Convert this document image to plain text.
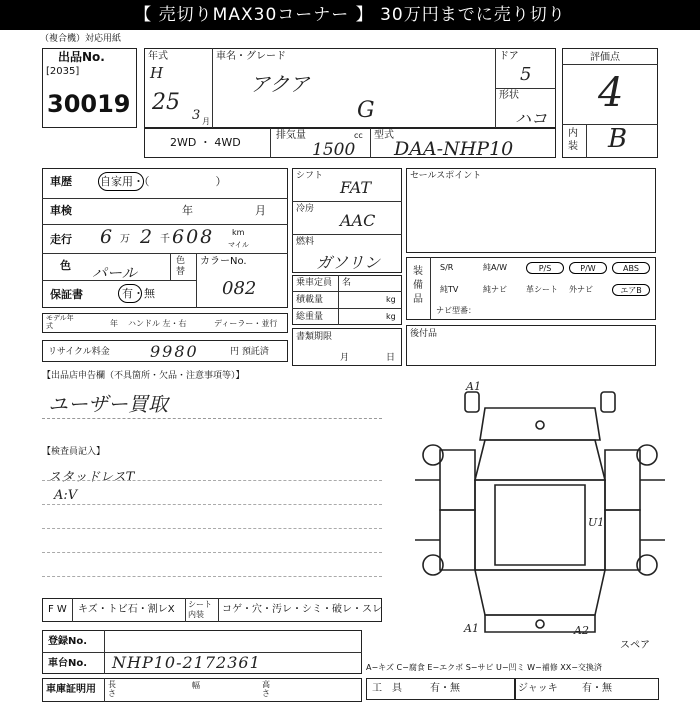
【 売切りMAX30コーナー 】 30万円までに売り切り
（複合機）対応用紙
出品No.
[2035]
30019
年式
H
25
3 月
車名・グレード
アクア
G
ドア
5
形状
ハコ
評価点
4
内装 B
2WD ・ 4WD
排気量	cc
1500
型式
DAA-NHP10
車歴	自家用・（　　　　　　）
車検	年	月
走行 6 万 2 千 608 km
マイル
色 パール
色替
カラーNo.
082
保証書	有・無
モデル年式	年 ハンドル 左・右	ディーラー・並行
リサイクル料金	9980	円 預託済
シフト
FAT
冷房
AAC
燃料
ガソリン
乗車定員 名
積載量	kg
総重量	kg
書類期限
月	日
セールスポイント
装備品
ナビ型番：
後付品
【出品店申告欄（不具箇所・欠品・注意事項等）】
ユーザー買取
【検査員記入】
スタッドレスT
A:V
A1
U1
A1	A2
スペア
F W キズ・トビ石・割レX シート内装	コゲ・穴・汚レ・シミ・破レ・スレ
登録No.
車台No. NHP10-2172361
車庫証明用 長さ
幅	高さ
A−キズ C−腐食 E−エクボ S−サビ U−凹ミ W−補修 XX−交換済
工　具	有・無	ジャッキ 有・無
S/R	純A/W	P/S	P/W	ABS
純TV	純ナビ 革シート 外ナビ	エアB
